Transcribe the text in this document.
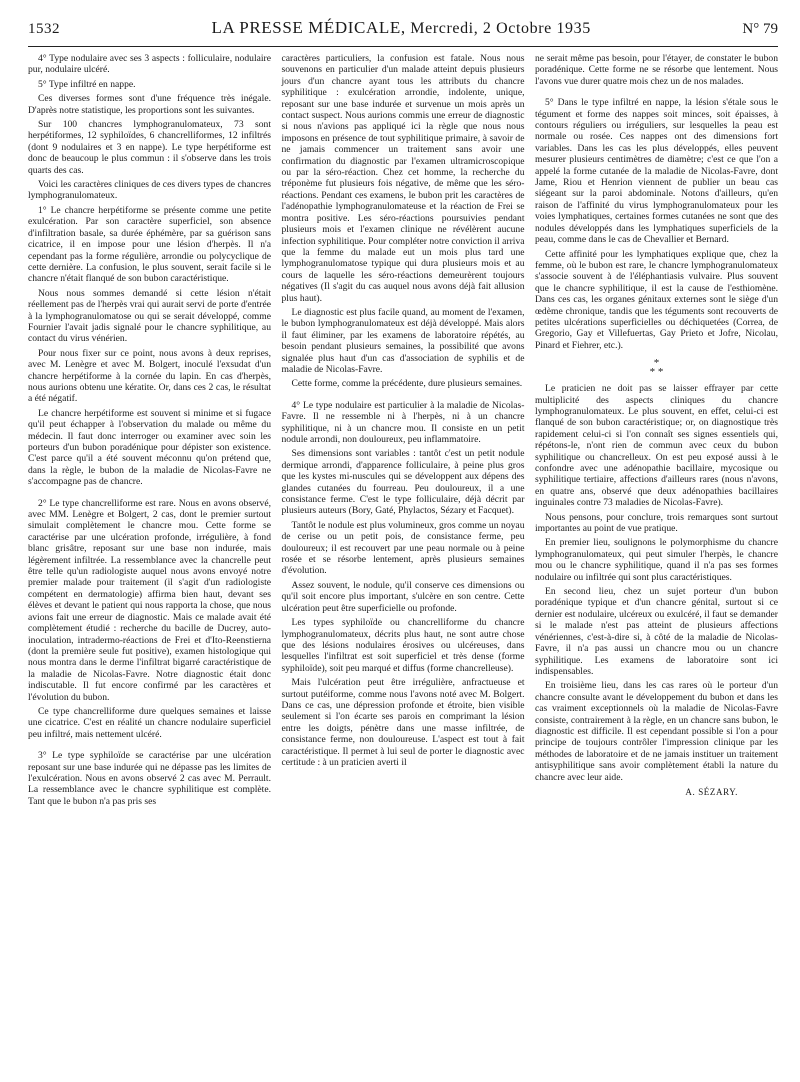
1532	LA PRESSE MÉDICALE, Mercredi, 2 Octobre 1935	N° 79

4° Type nodulaire avec ses 3 aspects : folliculaire, nodulaire pur, nodulaire ulcéré.

5° Type infiltré en nappe.

Ces diverses formes sont d'une fréquence très inégale. D'après notre statistique, les proportions sont les suivantes.

Sur 100 chancres lymphogranulomateux, 73 sont herpétiformes, 12 syphiloïdes, 6 chancrelliformes, 12 infiltrés (dont 9 nodulaires et 3 en nappe). Le type herpétiforme est donc de beaucoup le plus commun : il s'observe dans les trois quarts des cas.

Voici les caractères cliniques de ces divers types de chancres lymphogranulomateux.

1° Le chancre herpétiforme se présente comme une petite exulcération. Par son caractère superficiel, son absence d'infiltration basale, sa durée éphémère, par sa guérison sans cicatrice, il en impose pour une lésion d'herpès. Il n'a cependant pas la forme régulière, arrondie ou polycyclique de cette dernière. La confusion, le plus souvent, serait facile si le chancre n'était flanqué de son bubon caractéristique.

Nous nous sommes demandé si cette lésion n'était réellement pas de l'herpès vrai qui aurait servi de porte d'entrée à la lymphogranulomatose ou qui se serait développé, comme Fournier l'avait jadis signalé pour le chancre syphilitique, au contact du virus vénérien.

Pour nous fixer sur ce point, nous avons à deux reprises, avec M. Lenègre et avec M. Bolgert, inoculé l'exsudat d'un chancre herpétiforme à la cornée du lapin. En cas d'herpès, nous aurions obtenu une kératite. Or, dans ces 2 cas, le résultat a été négatif.

Le chancre herpétiforme est souvent si minime et si fugace qu'il peut échapper à l'observation du malade ou même du médecin. Il faut donc interroger ou examiner avec soin les porteurs d'un bubon poradénique pour dépister son existence. C'est parce qu'il a été souvent méconnu qu'on prétend que, dans la règle, le bubon de la maladie de Nicolas-Favre ne s'accompagne pas de chancre.

2° Le type chancrelliforme est rare. Nous en avons observé, avec MM. Lenègre et Bolgert, 2 cas, dont le premier surtout simulait complètement le chancre mou. Cette forme se caractérise par une ulcération profonde, irrégulière, à fond blanc grisâtre, reposant sur une base non indurée, mais légèrement infiltrée. La ressemblance avec la chancrelle peut être telle qu'un radiologiste auquel nous avons envoyé notre premier malade pour traitement (il s'agit d'un radiologiste compétent en dermatologie) affirma bien haut, devant ses élèves et devant le patient qui nous rapporta la chose, que nous avions fait une erreur de diagnostic. Mais ce malade avait été complètement étudié : recherche du bacille de Ducrey, auto-inoculation, intradermo-réactions de Frei et d'Ito-Reenstierna (dont la première seule fut positive), examen histologique qui nous montra dans le derme l'infiltrat bigarré caractéristique de la maladie de Nicolas-Favre. Notre diagnostic était donc indiscutable. Il fut encore confirmé par les caractères et l'évolution du bubon.

Ce type chancrelliforme dure quelques semaines et laisse une cicatrice. C'est en réalité un chancre nodulaire superficiel peu infiltré, mais nettement ulcéré.

3° Le type syphiloïde se caractérise par une ulcération reposant sur une base indurée qui ne dépasse pas les limites de l'exulcération. Nous en avons observé 2 cas avec M. Perrault. La ressemblance avec le chancre syphilitique est complète. Tant que le bubon n'a pas pris ses

caractères particuliers, la confusion est fatale. Nous nous souvenons en particulier d'un malade atteint depuis plusieurs jours d'un chancre ayant tous les attributs du chancre syphilitique : exulcération arrondie, indolente, unique, reposant sur une base indurée et survenue un mois après un contact suspect. Nous aurions commis une erreur de diagnostic si nous n'avions pas appliqué ici la règle que nous nous imposons en présence de tout syphilitique primaire, à savoir de ne jamais commencer un traitement sans avoir une confirmation du diagnostic par l'examen ultramicroscopique ou par la séro-réaction. Chez cet homme, la recherche du tréponème fut plusieurs fois négative, de même que les séro-réactions. Pendant ces examens, le bubon prit les caractères de l'adénopathie lymphogranulomateuse et la réaction de Frei se montra positive. Les séro-réactions poursuivies pendant plusieurs mois et l'examen clinique ne révélèrent aucune infection syphilitique. Pour compléter notre conviction il arriva que la femme du malade eut un mois plus tard une lymphogranulomatose typique qui dura plusieurs mois et au cours de laquelle les séro-réactions demeurèrent toujours négatives (Il s'agit du cas auquel nous avons déjà fait allusion plus haut).

Le diagnostic est plus facile quand, au moment de l'examen, le bubon lymphogranulomateux est déjà développé. Mais alors il faut éliminer, par les examens de laboratoire répétés, au besoin pendant plusieurs semaines, la possibilité que avons signalée plus haut d'un cas d'association de syphilis et de maladie de Nicolas-Favre.

Cette forme, comme la précédente, dure plusieurs semaines.

4° Le type nodulaire est particulier à la maladie de Nicolas-Favre. Il ne ressemble ni à l'herpès, ni à un chancre syphilitique, ni à un chancre mou. Il consiste en un petit nodule arrondi, non douloureux, peu inflammatoire.

Ses dimensions sont variables : tantôt c'est un petit nodule dermique arrondi, d'apparence folliculaire, à peine plus gros que les kystes mi-nuscules qui se développent aux dépens des glandes cutanées du fourreau. Peu douloureux, il a une consistance ferme. C'est le type folliculaire, déjà décrit par plusieurs auteurs (Bory, Gaté, Phylactos, Sézary et Facquet).

Tantôt le nodule est plus volumineux, gros comme un noyau de cerise ou un petit pois, de consistance ferme, peu douloureux; il est recouvert par une peau normale ou à peine rosée et se résorbe lentement, après plusieurs semaines d'évolution.

Assez souvent, le nodule, qu'il conserve ces dimensions ou qu'il soit encore plus important, s'ulcère en son centre. Cette ulcération peut être superficielle ou profonde.

Les types syphiloïde ou chancrelliforme du chancre lymphogranulomateux, décrits plus haut, ne sont autre chose que des lésions nodulaires érosives ou ulcéreuses, dans lesquelles l'infiltrat est soit superficiel et très dense (forme syphiloïde), soit peu marqué et diffus (forme chancrelleuse).

Mais l'ulcération peut être irrégulière, anfractueuse et surtout putéiforme, comme nous l'avons noté avec M. Bolgert. Dans ce cas, une dépression profonde et étroite, bien visible seulement si l'on écarte ses parois en comprimant la lésion entre les doigts, pénètre dans une masse infiltrée, de consistance ferme, non douloureuse. L'aspect est tout à fait caractéristique. Il permet à lui seul de porter le diagnostic avec certitude : à un praticien averti il

ne serait même pas besoin, pour l'étayer, de constater le bubon poradénique. Cette forme ne se résorbe que lentement. Nous l'avons vue durer quatre mois chez un de nos malades.

5° Dans le type infiltré en nappe, la lésion s'étale sous le tégument et forme des nappes soit minces, soit épaisses, à contours réguliers ou irréguliers, sur lesquelles la peau est normale ou rosée. Ces nappes ont des dimensions fort variables. Dans les cas les plus développés, elles peuvent mesurer plusieurs centimètres de diamètre; c'est ce que l'on a appelé la forme cutanée de la maladie de Nicolas-Favre, dont Jame, Riou et Henrion viennent de publier un beau cas siégeant sur la paroi abdominale. Notons d'ailleurs, qu'en raison de l'affinité du virus lymphogranulomateux pour les voies lymphatiques, certaines formes cutanées ne sont que des nodules développés dans les lymphatiques superficiels de la peau, comme dans le cas de Chevallier et Bernard.

Cette affinité pour les lymphatiques explique que, chez la femme, où le bubon est rare, le chancre lymphogranulomateux s'associe souvent à de l'éléphantiasis vulvaire. Plus souvent que le chancre syphilitique, il est la cause de l'esthiomène. Dans ces cas, les organes génitaux externes sont le siège d'un œdème chronique, tandis que les téguments sont recouverts de petites ulcérations superficielles ou déchiquetées (Correa, de Gregorio, Gay et Villefuertas, Gay Prieto et Jofre, Nicolau, Pinard et Fiehrer, etc.).

*
* *

Le praticien ne doit pas se laisser effrayer par cette multiplicité des aspects cliniques du chancre lymphogranulomateux. Le plus souvent, en effet, celui-ci est flanqué de son bubon caractéristique; or, on diagnostique très rapidement celui-ci si l'on connaît ses signes essentiels qui, répétons-le, n'ont rien de commun avec ceux du bubon syphilitique ou chancrelleux. On est peu exposé aussi à le confondre avec une adénopathie bacillaire, mycosique ou syphilitique tertiaire, affections d'ailleurs rares (nous n'avons, en quatre ans, observé que deux adénopathies bacillaires inguinales contre 73 maladies de Nicolas-Favre).

Nous pensons, pour conclure, trois remarques sont surtout importantes au point de vue pratique.

En premier lieu, soulignons le polymorphisme du chancre lymphogranulomateux, qui peut simuler l'herpès, le chancre mou ou le chancre syphilitique, quand il n'a pas ses formes nodulaire ou infiltrée qui sont plus caractéristiques.

En second lieu, chez un sujet porteur d'un bubon poradénique typique et d'un chancre génital, surtout si ce dernier est nodulaire, ulcéreux ou exulcéré, il faut se demander si le malade n'est pas atteint de plusieurs affections vénériennes, c'est-à-dire si, à côté de la maladie de Nicolas-Favre, il n'a pas aussi un chancre mou ou un chancre syphilitique. Les examens de laboratoire sont ici indispensables.

En troisième lieu, dans les cas rares où le porteur d'un chancre consulte avant le développement du bubon et dans les cas vraiment exceptionnels où la maladie de Nicolas-Favre consiste, contrairement à la règle, en un chancre sans bubon, le diagnostic est difficile. Il est cependant possible si l'on a pour principe de toujours contrôler l'impression clinique par les méthodes de laboratoire et de ne jamais instituer un traitement antisyphilitique sans avoir complètement établi la nature du chancre avec leur aide.

A. SÉZARY.
